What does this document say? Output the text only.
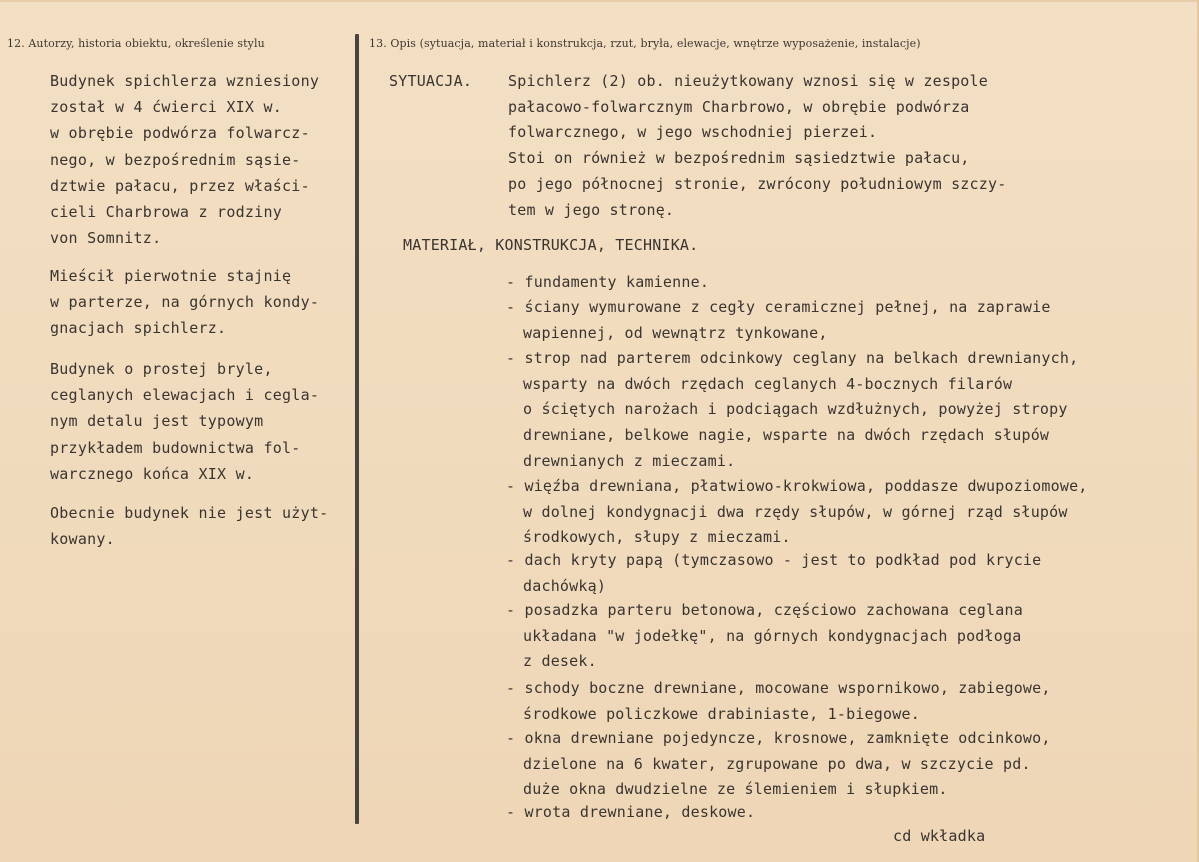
12. Autorzy, historia obiektu, określenie stylu	13. Opis (sytuacja, materiał i konstrukcja, rzut, bryła, elewacje, wnętrze wyposażenie, instalacje)
Budynek spichlerza wzniesiony
został w 4 ćwierci XIX w.
w obrębie podwórza folwarcz-
nego, w bezpośrednim sąsie-
dztwie pałacu, przez właści-
cieli Charbrowa z rodziny
von Somnitz.
Mieścił pierwotnie stajnię
w parterze, na górnych kondy-
gnacjach spichlerz.
Budynek o prostej bryle,
ceglanych elewacjach i cegla-
nym detalu jest typowym
przykładem budownictwa fol-
warcznego końca XIX w.
Obecnie budynek nie jest użyt-
kowany.
SYTUACJA. Spichlerz (2) ob. nieużytkowany wznosi się w zespole
pałacowo-folwarcznym Charbrowo, w obrębie podwórza
folwarcznego, w jego wschodniej pierzei.
Stoi on również w bezpośrednim sąsiedztwie pałacu,
po jego północnej stronie, zwrócony południowym szczy-
tem w jego stronę.
MATERIAŁ, KONSTRUKCJA, TECHNIKA.
- fundamenty kamienne.
- ściany wymurowane z cegły ceramicznej pełnej, na zaprawie
wapiennej, od wewnątrz tynkowane,
- strop nad parterem odcinkowy ceglany na belkach drewnianych,
wsparty na dwóch rzędach ceglanych 4-bocznych filarów
o ściętych narożach i podciągach wzdłużnych, powyżej stropy
drewniane, belkowe nagie, wsparte na dwóch rzędach słupów
drewnianych z mieczami.
- więźba drewniana, płatwiowo-krokwiowa, poddasze dwupoziomowe,
w dolnej kondygnacji dwa rzędy słupów, w górnej rząd słupów
środkowych, słupy z mieczami.
- dach kryty papą (tymczasowo - jest to podkład pod krycie
dachówką)
- posadzka parteru betonowa, częściowo zachowana ceglana
układana "w jodełkę", na górnych kondygnacjach podłoga
z desek.
- schody boczne drewniane, mocowane wspornikowo, zabiegowe,
środkowe policzkowe drabiniaste, 1-biegowe.
- okna drewniane pojedyncze, krosnowe, zamknięte odcinkowo,
dzielone na 6 kwater, zgrupowane po dwa, w szczycie pd.
duże okna dwudzielne ze ślemieniem i słupkiem.
- wrota drewniane, deskowe.
cd wkładka
